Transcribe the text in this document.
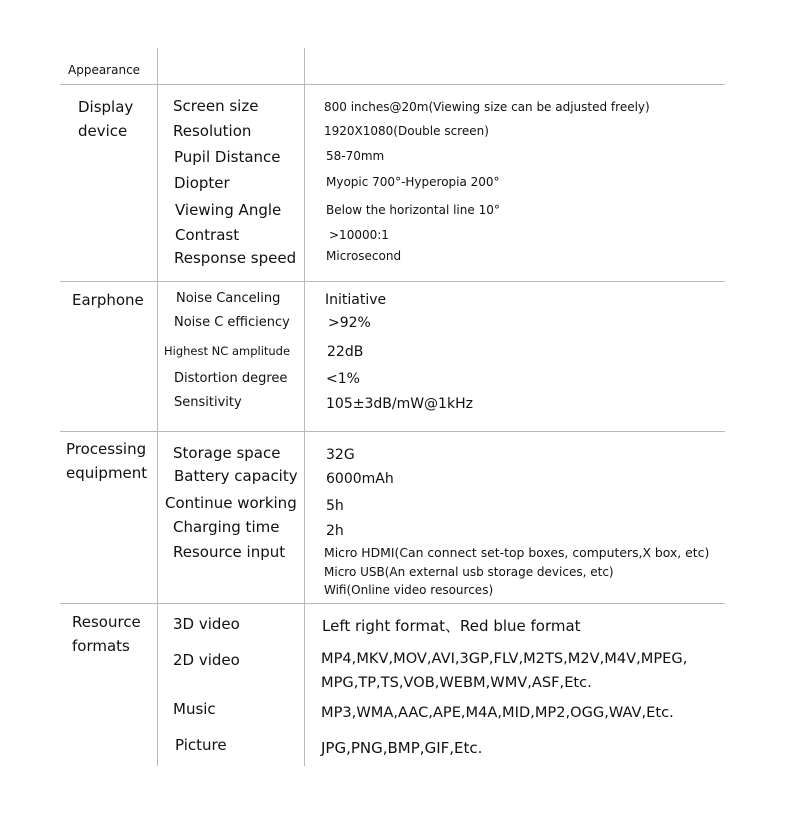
Appearance
Display
device
Screen size
Resolution
Pupil Distance
Diopter
Viewing Angle
Contrast
Response speed
800 inches@20m(Viewing size can be adjusted freely)
1920X1080(Double screen)
58-70mm
Myopic 700°-Hyperopia 200°
Below the horizontal line 10°
>10000:1
Microsecond
Earphone Noise Canceling
Noise C efficiency
Highest NC amplitude
Distortion degree
Sensitivity
Initiative
>92%
22dB
<1%
105±3dB/mW@1kHz
Processing
equipment
Storage space
Battery capacity
Continue working
Charging time
Resource input
32G
6000mAh
5h
2h
Micro HDMI(Can connect set-top boxes, computers,X box, etc)
Micro USB(An external usb storage devices, etc)
Wifi(Online video resources)
Resource
formats
3D video
2D video
Music
Picture
Left right format、Red blue format
MP4,MKV,MOV,AVI,3GP,FLV,M2TS,M2V,M4V,MPEG,
MPG,TP,TS,VOB,WEBM,WMV,ASF,Etc.
MP3,WMA,AAC,APE,M4A,MID,MP2,OGG,WAV,Etc.
JPG,PNG,BMP,GIF,Etc.
